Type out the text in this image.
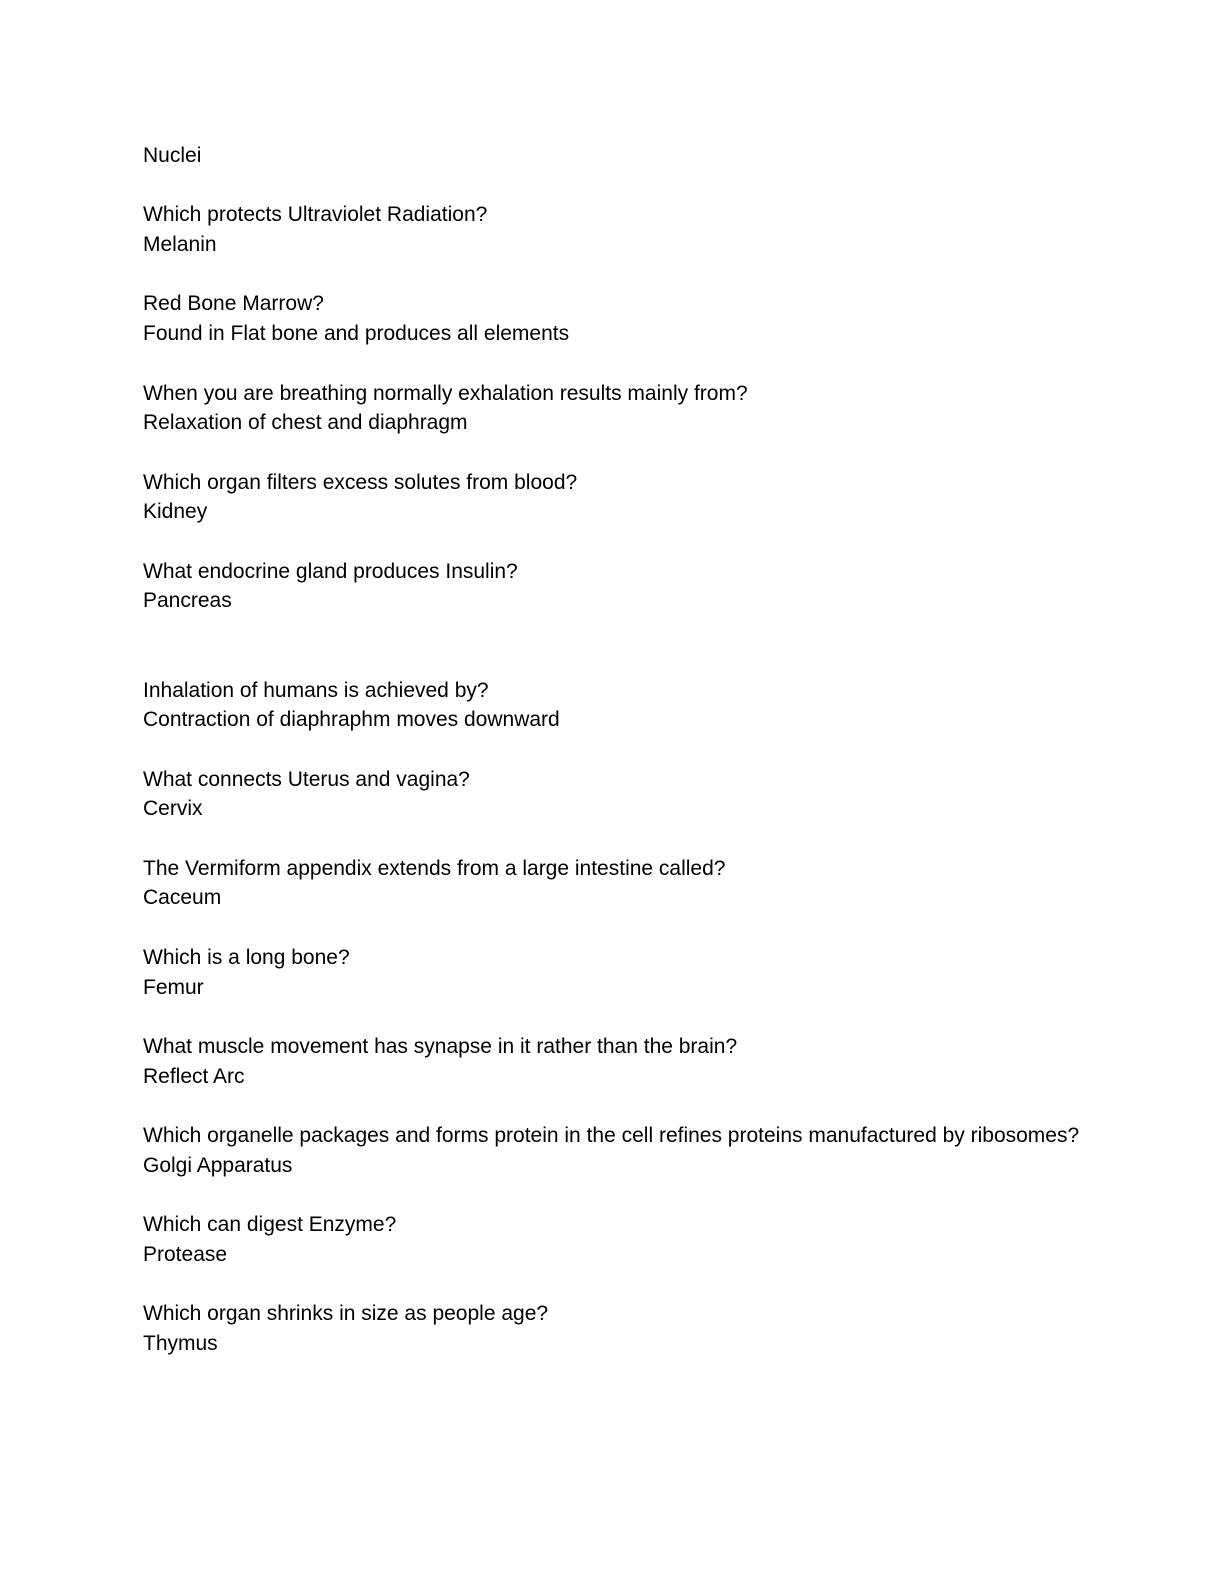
Nuclei
Which protects Ultraviolet Radiation?
Melanin
Red Bone Marrow?
Found in Flat bone and produces all elements
When you are breathing normally exhalation results mainly from?
Relaxation of chest and diaphragm
Which organ filters excess solutes from blood?
Kidney
What endocrine gland produces Insulin?
Pancreas
Inhalation of humans is achieved by?
Contraction of diaphraphm moves downward
What connects Uterus and vagina?
Cervix
The Vermiform appendix extends from a large intestine called?
Caceum
Which is a long bone?
Femur
What muscle movement has synapse in it rather than the brain?
Reflect Arc
Which organelle packages and forms protein in the cell refines proteins manufactured by ribosomes?
Golgi Apparatus
Which can digest Enzyme?
Protease
Which organ shrinks in size as people age?
Thymus
